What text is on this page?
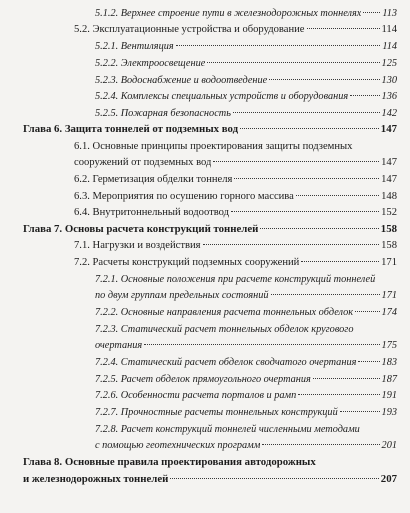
5.1.2. Верхнее строение пути в железнодорожных тоннелях 113
5.2. Эксплуатационные устройства и оборудование	114
5.2.1. Вентиляция	114
5.2.2. Электроосвещение	125
5.2.3. Водоснабжение и водоотведение	130
5.2.4. Комплексы специальных устройств и оборудования	136
5.2.5. Пожарная безопасность	142
Глава 6. Защита тоннелей от подземных вод	147
6.1. Основные принципы проектирования защиты подземных
сооружений от подземных вод	147
6.2. Герметизация обделки тоннеля	147
6.3. Мероприятия по осушению горного массива	148
6.4. Внутритоннельный водоотвод	152
Глава 7. Основы расчета конструкций тоннелей	158
7.1. Нагрузки и воздействия	158
7.2. Расчеты конструкций подземных сооружений	171
7.2.1. Основные положения при расчете конструкций тоннелей
по двум группам предельных состояний	171
7.2.2. Основные направления расчета тоннельных обделок	174
7.2.3. Статический расчет тоннельных обделок кругового
очертания	175
7.2.4. Статический расчет обделок сводчатого очертания 183
7.2.5. Расчет обделок прямоугольного очертания	187
7.2.6. Особенности расчета порталов и рамп	191
7.2.7. Прочностные расчеты тоннельных конструкций	193
7.2.8. Расчет конструкций тоннелей численными методами
с помощью геотехнических программ	201
Глава 8. Основные правила проектирования автодорожных
и железнодорожных тоннелей	207
